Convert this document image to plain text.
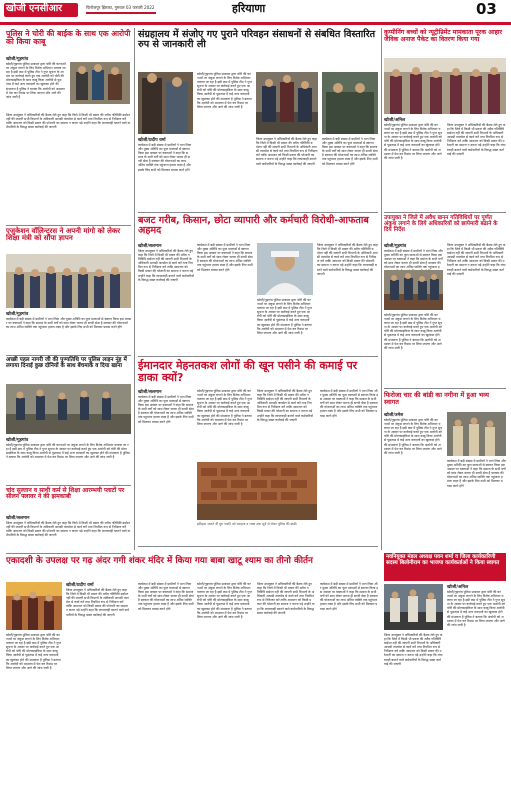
खोजी एनसीआर	फिरोजपुर झिरका, गुरुवार 03 फरवरी 2022	हरियाणा	03
पुलिस ने चोरी की बाईक के साथ एक आरोपी को किया काबू
खोजी/गुड़गांव
खोजी/गुड़गांव पुलिस प्रशासन द्वारा चोरी की घटनाओं पर अंकुश लगाने के लिए विशेष अभियान चलाया जा रहा है इसी क्रम में पुलिस टीम ने गुप्त सूचना के आधार पर कार्रवाई करते हुए एक आरोपी को चोरी की मोटरसाइकिल के साथ काबू किया आरोपी से पूछताछ में कई अन्य वारदातों का खुलासा होने की संभावना है पुलिस ने बताया कि आरोपी को अदालत में पेश कर रिमांड पर लिया जाएगा और आगे की जांच जारी है
जिला उपायुक्त ने अधिकारियों की बैठक लेते हुए कहा कि जिले में किसी भी प्रकार की अवैध गतिविधि बर्दाश्त नहीं की जाएगी सभी विभागों के अधिकारी आपसी तालमेल से कार्य करें तथा नियमित रूप से निरीक्षण करें ताकि आमजन को किसी प्रकार की परेशानी का सामना न करना पड़े उन्होंने कहा कि लापरवाही बरतने वाले कर्मचारियों के विरुद्ध सख्त कार्रवाई की जाएगी
एजुकेशन वॉलिन्टरस ने अपनी मांगो को लेकर शिक्षा मंत्री को सौंपा ज्ञापन
खोजी/गुड़गांव
कार्यक्रम में बड़ी संख्या में ग्रामीणों ने भाग लिया और मुख्य अतिथि का फूल मालाओं से स्वागत किया इस अवसर पर वक्ताओं ने कहा कि समाज के सभी वर्गों को साथ लेकर चलना ही सच्ची सेवा है सरकार की योजनाओं का लाभ अंतिम व्यक्ति तक पहुंचाना हमारा लक्ष्य है और इसके लिए सभी को मिलकर प्रयास करने होंगे
अच्छी पहल नागरी जी की पुण्यतिथि पर पुलिस लाइन नूंह में लगाया दिनाई कुछ दोनियों के साथ बेंचमार्क व दिया खाना
खोजी/गुड़गांव
खोजी/गुड़गांव पुलिस प्रशासन द्वारा चोरी की घटनाओं पर अंकुश लगाने के लिए विशेष अभियान चलाया जा रहा है इसी क्रम में पुलिस टीम ने गुप्त सूचना के आधार पर कार्रवाई करते हुए एक आरोपी को चोरी की मोटरसाइकिल के साथ काबू किया आरोपी से पूछताछ में कई अन्य वारदातों का खुलासा होने की संभावना है पुलिस ने बताया कि आरोपी को अदालत में पेश कर रिमांड पर लिया जाएगा और आगे की जांच जारी है
चांद सुल्तान व साथी कर्म से शिक्षा आरम्भयी प्लाटों पर सीलन फ्लावर ने की झमकाबी
खोजी/सलमान
जिला उपायुक्त ने अधिकारियों की बैठक लेते हुए कहा कि जिले में किसी भी प्रकार की अवैध गतिविधि बर्दाश्त नहीं की जाएगी सभी विभागों के अधिकारी आपसी तालमेल से कार्य करें तथा नियमित रूप से निरीक्षण करें ताकि आमजन को किसी प्रकार की परेशानी का सामना न करना पड़े उन्होंने कहा कि लापरवाही बरतने वाले कर्मचारियों के विरुद्ध सख्त कार्रवाई की जाएगी
संग्रहालय में संजोए गए पुराने परिवहन संसाधनों से संबधित विस्तारित रुप से जानकारी ली
खोजी/प्रदीप वर्मा
कार्यक्रम में बड़ी संख्या में ग्रामीणों ने भाग लिया और मुख्य अतिथि का फूल मालाओं से स्वागत किया इस अवसर पर वक्ताओं ने कहा कि समाज के सभी वर्गों को साथ लेकर चलना ही सच्ची सेवा है सरकार की योजनाओं का लाभ अंतिम व्यक्ति तक पहुंचाना हमारा लक्ष्य है और इसके लिए सभी को मिलकर प्रयास करने होंगे
खोजी/गुड़गांव पुलिस प्रशासन द्वारा चोरी की घटनाओं पर अंकुश लगाने के लिए विशेष अभियान चलाया जा रहा है इसी क्रम में पुलिस टीम ने गुप्त सूचना के आधार पर कार्रवाई करते हुए एक आरोपी को चोरी की मोटरसाइकिल के साथ काबू किया आरोपी से पूछताछ में कई अन्य वारदातों का खुलासा होने की संभावना है पुलिस ने बताया कि आरोपी को अदालत में पेश कर रिमांड पर लिया जाएगा और आगे की जांच जारी है
जिला उपायुक्त ने अधिकारियों की बैठक लेते हुए कहा कि जिले में किसी भी प्रकार की अवैध गतिविधि बर्दाश्त नहीं की जाएगी सभी विभागों के अधिकारी आपसी तालमेल से कार्य करें तथा नियमित रूप से निरीक्षण करें ताकि आमजन को किसी प्रकार की परेशानी का सामना न करना पड़े उन्होंने कहा कि लापरवाही बरतने वाले कर्मचारियों के विरुद्ध सख्त कार्रवाई की जाएगी
कार्यक्रम में बड़ी संख्या में ग्रामीणों ने भाग लिया और मुख्य अतिथि का फूल मालाओं से स्वागत किया इस अवसर पर वक्ताओं ने कहा कि समाज के सभी वर्गों को साथ लेकर चलना ही सच्ची सेवा है सरकार की योजनाओं का लाभ अंतिम व्यक्ति तक पहुंचाना हमारा लक्ष्य है और इसके लिए सभी को मिलकर प्रयास करने होंगे
कुप्पीनिंग बच्चों को न्यूट्रीन्रिमेंट मामकाता पूरक आहार जैविक अनाज पैकेट का वितरण किया गया
खोजी/अनिल
खोजी/गुड़गांव पुलिस प्रशासन द्वारा चोरी की घटनाओं पर अंकुश लगाने के लिए विशेष अभियान चलाया जा रहा है इसी क्रम में पुलिस टीम ने गुप्त सूचना के आधार पर कार्रवाई करते हुए एक आरोपी को चोरी की मोटरसाइकिल के साथ काबू किया आरोपी से पूछताछ में कई अन्य वारदातों का खुलासा होने की संभावना है पुलिस ने बताया कि आरोपी को अदालत में पेश कर रिमांड पर लिया जाएगा और आगे की जांच जारी है
जिला उपायुक्त ने अधिकारियों की बैठक लेते हुए कहा कि जिले में किसी भी प्रकार की अवैध गतिविधि बर्दाश्त नहीं की जाएगी सभी विभागों के अधिकारी आपसी तालमेल से कार्य करें तथा नियमित रूप से निरीक्षण करें ताकि आमजन को किसी प्रकार की परेशानी का सामना न करना पड़े उन्होंने कहा कि लापरवाही बरतने वाले कर्मचारियों के विरुद्ध सख्त कार्रवाई की जाएगी
बजट गरीब, किसान, छोटा व्यापारी और कर्मचारी विरोधी-आफताब अहमद
खोजी/सलमान
जिला उपायुक्त ने अधिकारियों की बैठक लेते हुए कहा कि जिले में किसी भी प्रकार की अवैध गतिविधि बर्दाश्त नहीं की जाएगी सभी विभागों के अधिकारी आपसी तालमेल से कार्य करें तथा नियमित रूप से निरीक्षण करें ताकि आमजन को किसी प्रकार की परेशानी का सामना न करना पड़े उन्होंने कहा कि लापरवाही बरतने वाले कर्मचारियों के विरुद्ध सख्त कार्रवाई की जाएगी
कार्यक्रम में बड़ी संख्या में ग्रामीणों ने भाग लिया और मुख्य अतिथि का फूल मालाओं से स्वागत किया इस अवसर पर वक्ताओं ने कहा कि समाज के सभी वर्गों को साथ लेकर चलना ही सच्ची सेवा है सरकार की योजनाओं का लाभ अंतिम व्यक्ति तक पहुंचाना हमारा लक्ष्य है और इसके लिए सभी को मिलकर प्रयास करने होंगे
खोजी/गुड़गांव पुलिस प्रशासन द्वारा चोरी की घटनाओं पर अंकुश लगाने के लिए विशेष अभियान चलाया जा रहा है इसी क्रम में पुलिस टीम ने गुप्त सूचना के आधार पर कार्रवाई करते हुए एक आरोपी को चोरी की मोटरसाइकिल के साथ काबू किया आरोपी से पूछताछ में कई अन्य वारदातों का खुलासा होने की संभावना है पुलिस ने बताया कि आरोपी को अदालत में पेश कर रिमांड पर लिया जाएगा और आगे की जांच जारी है
जिला उपायुक्त ने अधिकारियों की बैठक लेते हुए कहा कि जिले में किसी भी प्रकार की अवैध गतिविधि बर्दाश्त नहीं की जाएगी सभी विभागों के अधिकारी आपसी तालमेल से कार्य करें तथा नियमित रूप से निरीक्षण करें ताकि आमजन को किसी प्रकार की परेशानी का सामना न करना पड़े उन्होंने कहा कि लापरवाही बरतने वाले कर्मचारियों के विरुद्ध सख्त कार्रवाई की जाएगी
उपायुक्त ने जिले में अवैध खनन गतिविधियों पर पूर्णत अंकुश लगाने के लिये अधिकारियों को छापेमारी बढाने के दिये निर्देश
खोजी/गुड़गांव
कार्यक्रम में बड़ी संख्या में ग्रामीणों ने भाग लिया और मुख्य अतिथि का फूल मालाओं से स्वागत किया इस अवसर पर वक्ताओं ने कहा कि समाज के सभी वर्गों को साथ लेकर चलना ही सच्ची सेवा है सरकार की योजनाओं का लाभ अंतिम व्यक्ति तक पहुंचाना ह
खोजी/गुड़गांव पुलिस प्रशासन द्वारा चोरी की घटनाओं पर अंकुश लगाने के लिए विशेष अभियान चलाया जा रहा है इसी क्रम में पुलिस टीम ने गुप्त सूचना के आधार पर कार्रवाई करते हुए एक आरोपी को चोरी की मोटरसाइकिल के साथ काबू किया आरोपी से पूछताछ में कई अन्य वारदातों का खुलासा होने की संभावना है पुलिस ने बताया कि आरोपी को अदालत में पेश कर रिमांड पर लिया जाएगा और आगे की जांच जारी है
जिला उपायुक्त ने अधिकारियों की बैठक लेते हुए कहा कि जिले में किसी भी प्रकार की अवैध गतिविधि बर्दाश्त नहीं की जाएगी सभी विभागों के अधिकारी आपसी तालमेल से कार्य करें तथा नियमित रूप से निरीक्षण करें ताकि आमजन को किसी प्रकार की परेशानी का सामना न करना पड़े उन्होंने कहा कि लापरवाही बरतने वाले कर्मचारियों के विरुद्ध सख्त कार्रवाई की जाएगी
ईमानदार मेहनतकश लोगों की खून पसीने की कमाई पर डाका क्यों?
खोजी/सलमान
कार्यक्रम में बड़ी संख्या में ग्रामीणों ने भाग लिया और मुख्य अतिथि का फूल मालाओं से स्वागत किया इस अवसर पर वक्ताओं ने कहा कि समाज के सभी वर्गों को साथ लेकर चलना ही सच्ची सेवा है सरकार की योजनाओं का लाभ अंतिम व्यक्ति तक पहुंचाना हमारा लक्ष्य है और इसके लिए सभी को मिलकर प्रयास करने होंगे
खोजी/गुड़गांव पुलिस प्रशासन द्वारा चोरी की घटनाओं पर अंकुश लगाने के लिए विशेष अभियान चलाया जा रहा है इसी क्रम में पुलिस टीम ने गुप्त सूचना के आधार पर कार्रवाई करते हुए एक आरोपी को चोरी की मोटरसाइकिल के साथ काबू किया आरोपी से पूछताछ में कई अन्य वारदातों का खुलासा होने की संभावना है पुलिस ने बताया कि आरोपी को अदालत में पेश कर रिमांड पर लिया जाएगा और आगे की जांच जारी है
इतिहास जानते वीं पुरा भवति को सराहना व भाषा तथा सूर्य से लेकर पुलिस की बांडी।
जिला उपायुक्त ने अधिकारियों की बैठक लेते हुए कहा कि जिले में किसी भी प्रकार की अवैध गतिविधि बर्दाश्त नहीं की जाएगी सभी विभागों के अधिकारी आपसी तालमेल से कार्य करें तथा नियमित रूप से निरीक्षण करें ताकि आमजन को किसी प्रकार की परेशानी का सामना न करना पड़े उन्होंने कहा कि लापरवाही बरतने वाले कर्मचारियों के विरुद्ध सख्त कार्रवाई की जाएगी
कार्यक्रम में बड़ी संख्या में ग्रामीणों ने भाग लिया और मुख्य अतिथि का फूल मालाओं से स्वागत किया इस अवसर पर वक्ताओं ने कहा कि समाज के सभी वर्गों को साथ लेकर चलना ही सच्ची सेवा है सरकार की योजनाओं का लाभ अंतिम व्यक्ति तक पहुंचाना हमारा लक्ष्य है और इसके लिए सभी को मिलकर प्रयास करने होंगे
फिरोजा चार की बांडी का नगीना में हुआ भव्य स्वागत
खोजी/उमेश
खोजी/गुड़गांव पुलिस प्रशासन द्वारा चोरी की घटनाओं पर अंकुश लगाने के लिए विशेष अभियान चलाया जा रहा है इसी क्रम में पुलिस टीम ने गुप्त सूचना के आधार पर कार्रवाई करते हुए एक आरोपी को चोरी की मोटरसाइकिल के साथ काबू किया आरोपी से पूछताछ में कई अन्य वारदातों का खुलासा होने की संभावना है पुलिस ने बताया कि आरोपी को अदालत में पेश कर रिमांड पर लिया जाएगा और आगे की जांच जारी है
कार्यक्रम में बड़ी संख्या में ग्रामीणों ने भाग लिया और मुख्य अतिथि का फूल मालाओं से स्वागत किया इस अवसर पर वक्ताओं ने कहा कि समाज के सभी वर्गों को साथ लेकर चलना ही सच्ची सेवा है सरकार की योजनाओं का लाभ अंतिम व्यक्ति तक पहुंचाना हमारा लक्ष्य है और इसके लिए सभी को मिलकर प्रयास करने होंगे
एकादशी के उपलक्ष पर गढ़ अंदर गगी शंकर मंदिर में किया गया बाबा खाटू श्याम का तीनो कीर्तन
खोजी/प्रदीप वर्मा
जिला उपायुक्त ने अधिकारियों की बैठक लेते हुए कहा कि जिले में किसी भी प्रकार की अवैध गतिविधि बर्दाश्त नहीं की जाएगी सभी विभागों के अधिकारी आपसी तालमेल से कार्य करें तथा नियमित रूप से निरीक्षण करें ताकि आमजन को किसी प्रकार की परेशानी का सामना न करना पड़े उन्होंने कहा कि लापरवाही बरतने वाले कर्मचारियों के विरुद्ध सख्त कार्रवाई की जाएगी
खोजी/गुड़गांव पुलिस प्रशासन द्वारा चोरी की घटनाओं पर अंकुश लगाने के लिए विशेष अभियान चलाया जा रहा है इसी क्रम में पुलिस टीम ने गुप्त सूचना के आधार पर कार्रवाई करते हुए एक आरोपी को चोरी की मोटरसाइकिल के साथ काबू किया आरोपी से पूछताछ में कई अन्य वारदातों का खुलासा होने की संभावना है पुलिस ने बताया कि आरोपी को अदालत में पेश कर रिमांड पर लिया जाएगा और आगे की जांच जारी है
कार्यक्रम में बड़ी संख्या में ग्रामीणों ने भाग लिया और मुख्य अतिथि का फूल मालाओं से स्वागत किया इस अवसर पर वक्ताओं ने कहा कि समाज के सभी वर्गों को साथ लेकर चलना ही सच्ची सेवा है सरकार की योजनाओं का लाभ अंतिम व्यक्ति तक पहुंचाना हमारा लक्ष्य है और इसके लिए सभी को मिलकर प्रयास करने होंगे
खोजी/गुड़गांव पुलिस प्रशासन द्वारा चोरी की घटनाओं पर अंकुश लगाने के लिए विशेष अभियान चलाया जा रहा है इसी क्रम में पुलिस टीम ने गुप्त सूचना के आधार पर कार्रवाई करते हुए एक आरोपी को चोरी की मोटरसाइकिल के साथ काबू किया आरोपी से पूछताछ में कई अन्य वारदातों का खुलासा होने की संभावना है पुलिस ने बताया कि आरोपी को अदालत में पेश कर रिमांड पर लिया जाएगा और आगे की जांच जारी है
जिला उपायुक्त ने अधिकारियों की बैठक लेते हुए कहा कि जिले में किसी भी प्रकार की अवैध गतिविधि बर्दाश्त नहीं की जाएगी सभी विभागों के अधिकारी आपसी तालमेल से कार्य करें तथा नियमित रूप से निरीक्षण करें ताकि आमजन को किसी प्रकार की परेशानी का सामना न करना पड़े उन्होंने कहा कि लापरवाही बरतने वाले कर्मचारियों के विरुद्ध सख्त कार्रवाई की जाएगी
कार्यक्रम में बड़ी संख्या में ग्रामीणों ने भाग लिया और मुख्य अतिथि का फूल मालाओं से स्वागत किया इस अवसर पर वक्ताओं ने कहा कि समाज के सभी वर्गों को साथ लेकर चलना ही सच्ची सेवा है सरकार की योजनाओं का लाभ अंतिम व्यक्ति तक पहुंचाना हमारा लक्ष्य है और इसके लिए सभी को मिलकर प्रयास करने होंगे
नवनियुक्त मंडल अध्यक्ष पवन शर्मा व जिला कार्यकारिणी सदस्य बिलोनीराम का भाजपा कार्यकर्ताओं ने किया स्वागत
खोजी/अनिल
खोजी/गुड़गांव पुलिस प्रशासन द्वारा चोरी की घटनाओं पर अंकुश लगाने के लिए विशेष अभियान चलाया जा रहा है इसी क्रम में पुलिस टीम ने गुप्त सूचना के आधार पर कार्रवाई करते हुए एक आरोपी को चोरी की मोटरसाइकिल के साथ काबू किया आरोपी से पूछताछ में कई अन्य वारदातों का खुलासा होने की संभावना है पुलिस ने बताया कि आरोपी को अदालत में पेश कर रिमांड पर लिया जाएगा और आगे की जांच जारी है
जिला उपायुक्त ने अधिकारियों की बैठक लेते हुए कहा कि जिले में किसी भी प्रकार की अवैध गतिविधि बर्दाश्त नहीं की जाएगी सभी विभागों के अधिकारी आपसी तालमेल से कार्य करें तथा नियमित रूप से निरीक्षण करें ताकि आमजन को किसी प्रकार की परेशानी का सामना न करना पड़े उन्होंने कहा कि लापरवाही बरतने वाले कर्मचारियों के विरुद्ध सख्त कार्रवाई की जाएगी
